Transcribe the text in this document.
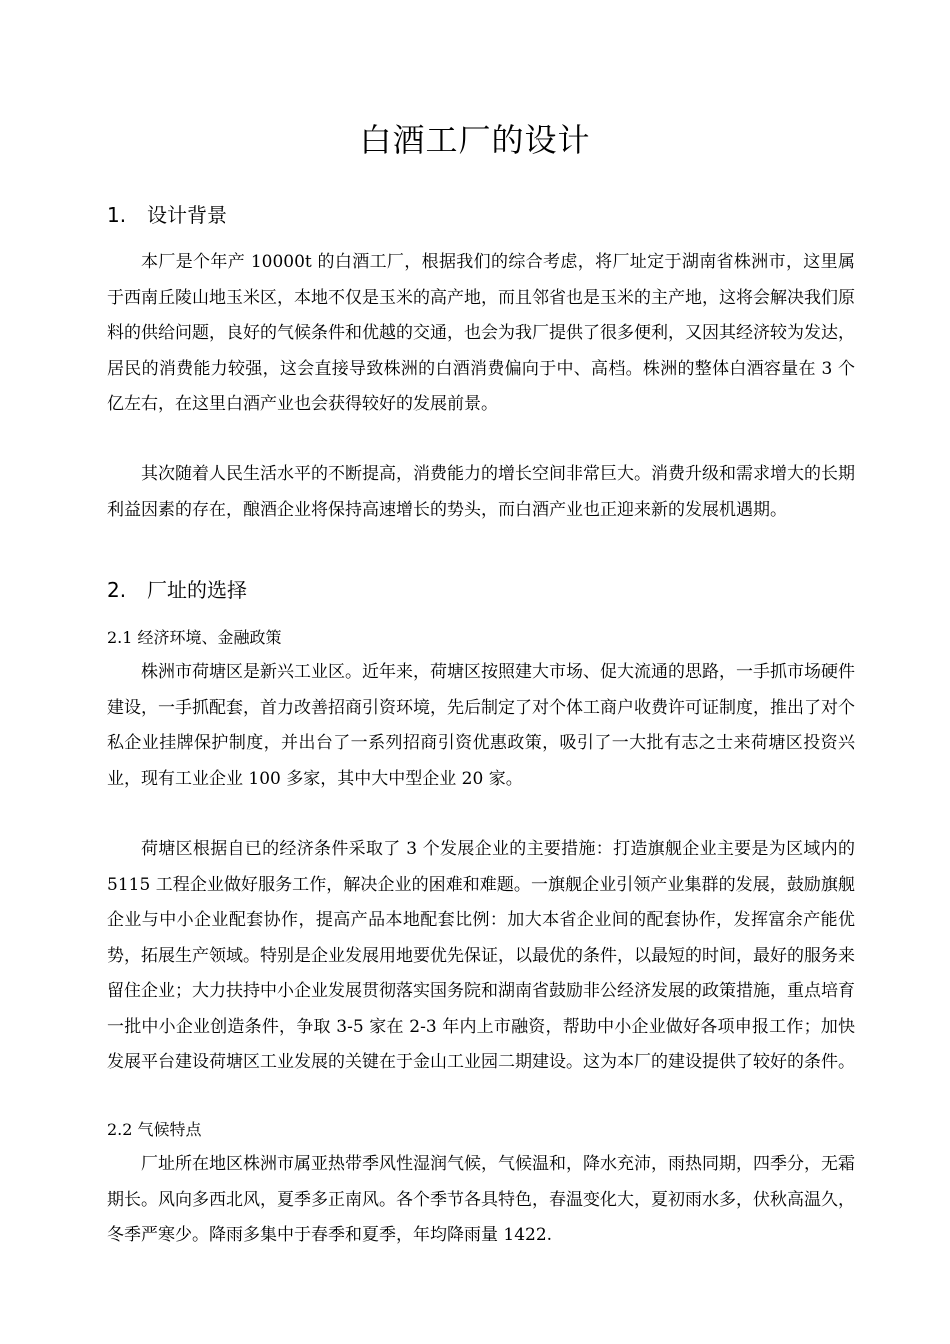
白酒工厂的设计
1. 设计背景

本厂是个年产 10000t 的白酒工厂，根据我们的综合考虑，将厂址定于湖南省株洲市，这里属于西南丘陵山地玉米区，本地不仅是玉米的高产地，而且邻省也是玉米的主产地，这将会解决我们原料的供给问题，良好的气候条件和优越的交通，也会为我厂提供了很多便利，又因其经济较为发达，居民的消费能力较强，这会直接导致株洲的白酒消费偏向于中、高档。株洲的整体白酒容量在 3 个亿左右，在这里白酒产业也会获得较好的发展前景。

其次随着人民生活水平的不断提高，消费能力的增长空间非常巨大。消费升级和需求增大的长期利益因素的存在，酿酒企业将保持高速增长的势头，而白酒产业也正迎来新的发展机遇期。

2. 厂址的选择
2.1 经济环境、金融政策

株洲市荷塘区是新兴工业区。近年来，荷塘区按照建大市场、促大流通的思路，一手抓市场硬件建设，一手抓配套，首力改善招商引资环境，先后制定了对个体工商户收费许可证制度，推出了对个私企业挂牌保护制度，并出台了一系列招商引资优惠政策，吸引了一大批有志之士来荷塘区投资兴业，现有工业企业 100 多家，其中大中型企业 20 家。

荷塘区根据自已的经济条件采取了 3 个发展企业的主要措施：打造旗舰企业主要是为区域内的 5115 工程企业做好服务工作，解决企业的困难和难题。一旗舰企业引领产业集群的发展，鼓励旗舰企业与中小企业配套协作，提高产品本地配套比例：加大本省企业间的配套协作，发挥富余产能优势，拓展生产领域。特别是企业发展用地要优先保证，以最优的条件，以最短的时间，最好的服务来留住企业；大力扶持中小企业发展贯彻落实国务院和湖南省鼓励非公经济发展的政策措施，重点培育一批中小企业创造条件，争取 3-5 家在 2-3 年内上市融资，帮助中小企业做好各项申报工作；加快发展平台建设荷塘区工业发展的关键在于金山工业园二期建设。这为本厂的建设提供了较好的条件。

2.2 气候特点

厂址所在地区株洲市属亚热带季风性湿润气候，气候温和，降水充沛，雨热同期，四季分，无霜期长。风向多西北风，夏季多正南风。各个季节各具特色，春温变化大，夏初雨水多，伏秋高温久，冬季严寒少。降雨多集中于春季和夏季，年均降雨量 1422.
